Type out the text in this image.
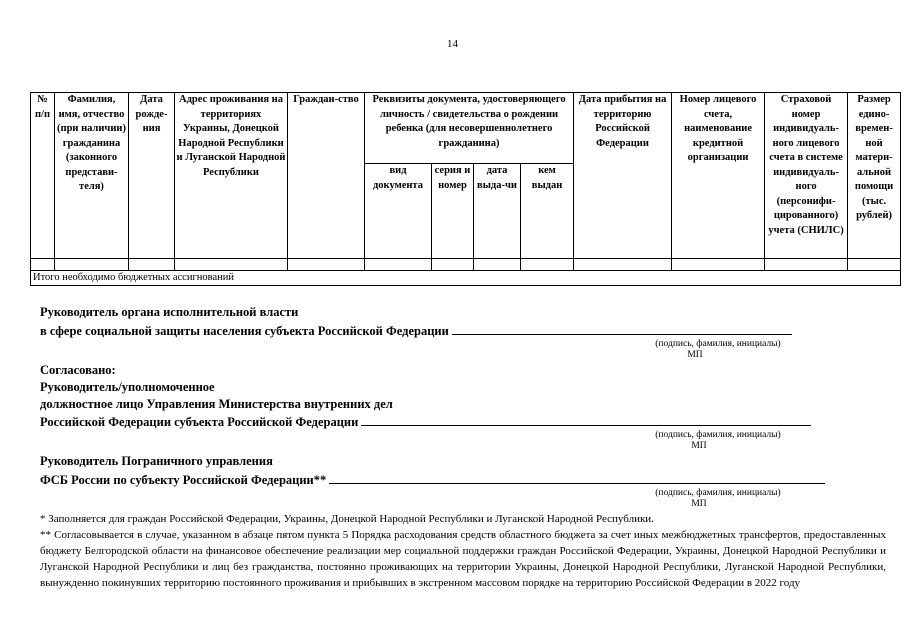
14
№ п/п	Фамилия, имя, отчество (при наличии) гражданина (законного представи-теля)	Дата рожде-ния	Адрес проживания на территориях Украины, Донецкой Народной Республики и Луганской Народной Республики	Граждан-ство	Реквизиты документа, удостоверяющего личность / свидетельства о рождении ребенка (для несовершеннолетнего гражданина)				Дата прибытия на территорию Российской Федерации	Номер лицевого счета, наименование кредитной организации	Страховой номер индивидуаль-ного лицевого счета в системе индивидуаль-ного (персонифи-цированного) учета (СНИЛС)	Размер едино-времен-ной матери-альной помощи (тыс. рублей)
					вид документа	серия и номер	дата выда-чи	кем выдан				

Итого необходимо бюджетных ассигнований												
Руководитель органа исполнительной власти
в сфере социальной защиты населения субъекта Российской Федерации
(подпись, фамилия, инициалы)
МП
Согласовано:
Руководитель/уполномоченное
должностное лицо Управления Министерства внутренних дел
Российской Федерации субъекта Российской Федерации
(подпись, фамилия, инициалы)
МП
Руководитель Пограничного управления
ФСБ России по субъекту Российской Федерации**
(подпись, фамилия, инициалы)
МП

* Заполняется для граждан Российской Федерации, Украины, Донецкой Народной Республики и Луганской Народной Республики.

** Согласовывается в случае, указанном в абзаце пятом пункта 5 Порядка расходования средств областного бюджета за счет иных межбюджетных трансфертов, предоставленных бюджету Белгородской области на финансовое обеспечение реализации мер социальной поддержки граждан Российской Федерации, Украины, Донецкой Народной Республики и Луганской Народной Республики и лиц без гражданства, постоянно проживающих на территории Украины, Донецкой Народной Республики, Луганской Народной Республики, вынужденно покинувших территорию постоянного проживания и прибывших в экстренном массовом порядке на территорию Российской Федерации в 2022 году
